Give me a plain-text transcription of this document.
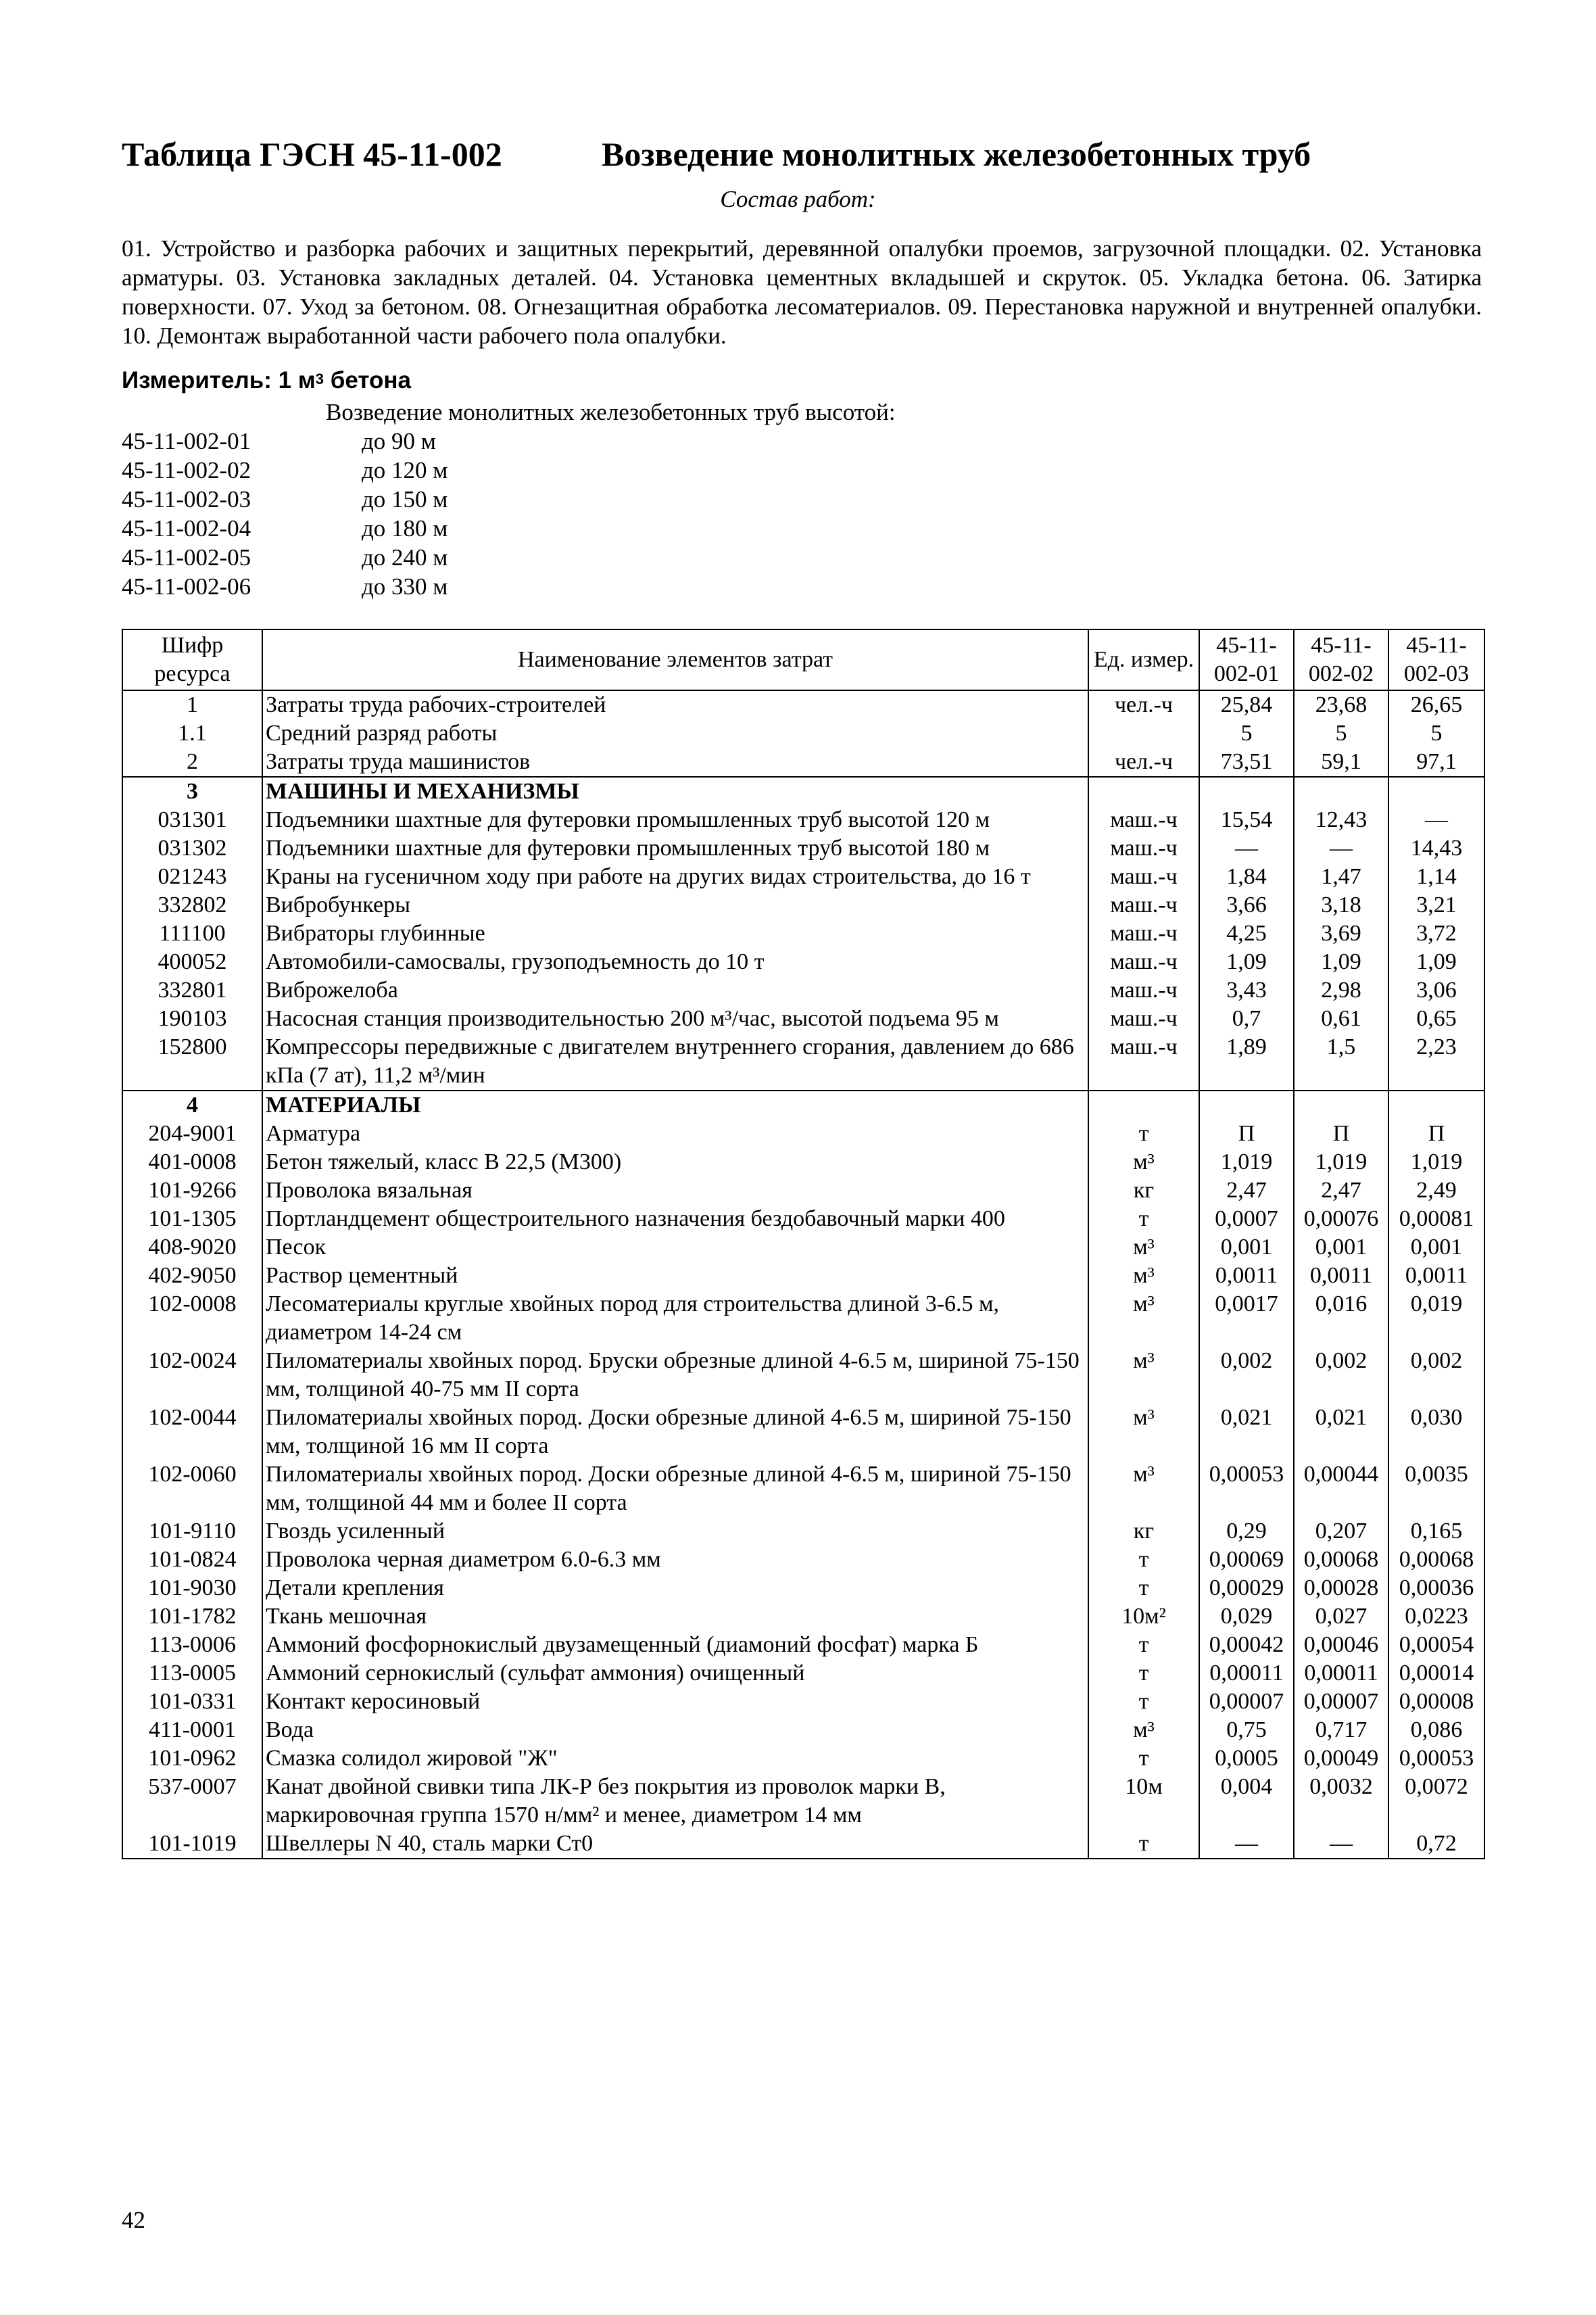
Таблица ГЭСН 45-11-002	Возведение монолитных железобетонных труб
Состав работ:
01. Устройство и разборка рабочих и защитных перекрытий, деревянной опалубки проемов, загрузочной площадки. 02. Установка арматуры. 03. Установка закладных деталей. 04. Установка цементных вкладышей и скруток. 05. Укладка бетона. 06. Затирка поверхности. 07. Уход за бетоном. 08. Огнезащитная обработка лесоматериалов. 09. Перестановка наружной и внутренней опалубки. 10. Демонтаж выработанной части рабочего пола опалубки.
Измеритель: 1 $м^3$ бетона
Возведение монолитных железобетонных труб высотой:
45-11-002-01	до 90 м
45-11-002-02	до 120 м
45-11-002-03	до 150 м
45-11-002-04	до 180 м
45-11-002-05	до 240 м
45-11-002-06	до 330 м
Шифр ресурса	Наименование элементов затрат	Ед. измер.	45-11-002-01	45-11-002-02	45-11-002-03
1	Затраты труда рабочих-строителей	чел.-ч	25,84	23,68	26,65
1.1	Средний разряд работы		5	5	5
2	Затраты труда машинистов	чел.-ч	73,51	59,1	97,1
3	МАШИНЫ И МЕХАНИЗМЫ				
031301	Подъемники шахтные для футеровки промышленных труб высотой 120 м	маш.-ч	15,54	12,43	—
031302	Подъемники шахтные для футеровки промышленных труб высотой 180 м	маш.-ч	—	—	14,43
021243	Краны на гусеничном ходу при работе на других видах строительства, до 16 т	маш.-ч	1,84	1,47	1,14
332802	Вибробункеры	маш.-ч	3,66	3,18	3,21
111100	Вибраторы глубинные	маш.-ч	4,25	3,69	3,72
400052	Автомобили-самосвалы, грузоподъемность до 10 т	маш.-ч	1,09	1,09	1,09
332801	Виброжелоба	маш.-ч	3,43	2,98	3,06
190103	Насосная станция производительностью 200 м³/час, высотой подъема 95 м	маш.-ч	0,7	0,61	0,65
152800	Компрессоры передвижные с двигателем внутреннего сгорания, давлением до 686 кПа (7 ат), 11,2 м³/мин	маш.-ч	1,89	1,5	2,23
4	МАТЕРИАЛЫ				
204-9001	Арматура	т	П	П	П
401-0008	Бетон тяжелый, класс В 22,5 (М300)	м³	1,019	1,019	1,019
101-9266	Проволока вязальная	кг	2,47	2,47	2,49
101-1305	Портландцемент общестроительного назначения бездобавочный марки 400	т	0,0007	0,00076	0,00081
408-9020	Песок	м³	0,001	0,001	0,001
402-9050	Раствор цементный	м³	0,0011	0,0011	0,0011
102-0008	Лесоматериалы круглые хвойных пород для строительства длиной 3-6.5 м, диаметром 14-24 см	м³	0,0017	0,016	0,019
102-0024	Пиломатериалы хвойных пород. Бруски обрезные длиной 4-6.5 м, шириной 75-150 мм, толщиной 40-75 мм II сорта	м³	0,002	0,002	0,002
102-0044	Пиломатериалы хвойных пород. Доски обрезные длиной 4-6.5 м, шириной 75-150 мм, толщиной 16 мм II сорта	м³	0,021	0,021	0,030
102-0060	Пиломатериалы хвойных пород. Доски обрезные длиной 4-6.5 м, шириной 75-150 мм, толщиной 44 мм и более II сорта	м³	0,00053	0,00044	0,0035
101-9110	Гвоздь усиленный	кг	0,29	0,207	0,165
101-0824	Проволока черная диаметром 6.0-6.3 мм	т	0,00069	0,00068	0,00068
101-9030	Детали крепления	т	0,00029	0,00028	0,00036
101-1782	Ткань мешочная	10м²	0,029	0,027	0,0223
113-0006	Аммоний фосфорнокислый двузамещенный (диамоний фосфат) марка Б	т	0,00042	0,00046	0,00054
113-0005	Аммоний сернокислый (сульфат аммония) очищенный	т	0,00011	0,00011	0,00014
101-0331	Контакт керосиновый	т	0,00007	0,00007	0,00008
411-0001	Вода	м³	0,75	0,717	0,086
101-0962	Смазка солидол жировой "Ж"	т	0,0005	0,00049	0,00053
537-0007	Канат двойной свивки типа ЛК-Р без покрытия из проволок марки В, маркировочная группа 1570 н/мм² и менее, диаметром 14 мм	10м	0,004	0,0032	0,0072
101-1019	Швеллеры N 40, сталь марки Ст0	т	—	—	0,72
42
